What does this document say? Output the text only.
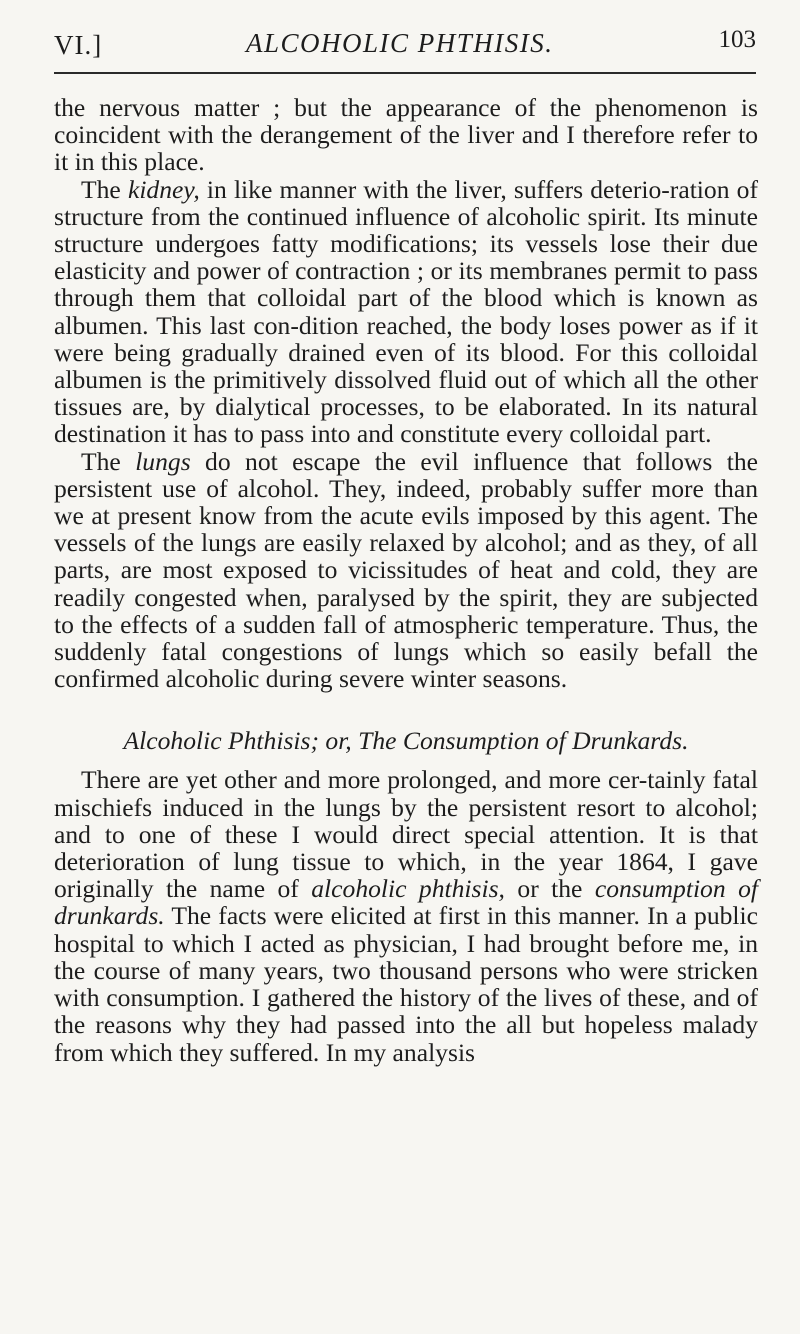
VI.]	ALCOHOLIC PHTHISIS.	103

the nervous matter ; but the appearance of the phenomenon is coincident with the derangement of the liver and I therefore refer to it in this place.

The kidney, in like manner with the liver, suffers deterio-ration of structure from the continued influence of alcoholic spirit. Its minute structure undergoes fatty modifications; its vessels lose their due elasticity and power of contraction ; or its membranes permit to pass through them that colloidal part of the blood which is known as albumen. This last con-dition reached, the body loses power as if it were being gradually drained even of its blood. For this colloidal albumen is the primitively dissolved fluid out of which all the other tissues are, by dialytical processes, to be elaborated. In its natural destination it has to pass into and constitute every colloidal part.

The lungs do not escape the evil influence that follows the persistent use of alcohol. They, indeed, probably suffer more than we at present know from the acute evils imposed by this agent. The vessels of the lungs are easily relaxed by alcohol; and as they, of all parts, are most exposed to vicissitudes of heat and cold, they are readily congested when, paralysed by the spirit, they are subjected to the effects of a sudden fall of atmospheric temperature. Thus, the suddenly fatal congestions of lungs which so easily befall the confirmed alcoholic during severe winter seasons.

Alcoholic Phthisis; or, The Consumption of Drunkards.

There are yet other and more prolonged, and more cer-tainly fatal mischiefs induced in the lungs by the persistent resort to alcohol; and to one of these I would direct special attention. It is that deterioration of lung tissue to which, in the year 1864, I gave originally the name of alcoholic phthisis, or the consumption of drunkards. The facts were elicited at first in this manner. In a public hospital to which I acted as physician, I had brought before me, in the course of many years, two thousand persons who were stricken with consumption. I gathered the history of the lives of these, and of the reasons why they had passed into the all but hopeless malady from which they suffered. In my analysis
